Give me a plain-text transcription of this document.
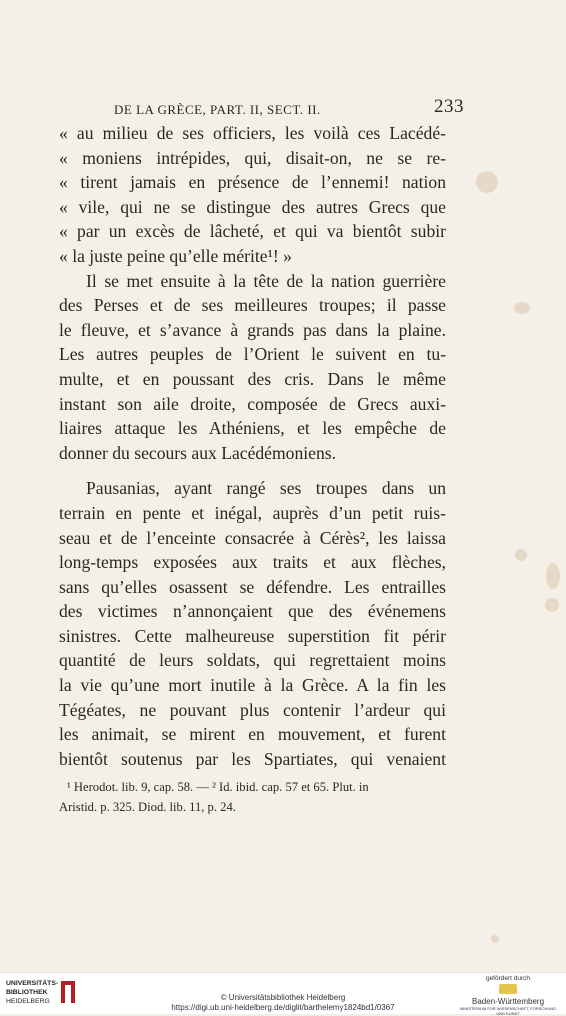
DE LA GRÈCE, PART. II, SECT. II.	233
« au milieu de ses officiers, les voilà ces Lacédé-
« moniens intrépides, qui, disait-on, ne se re-
« tirent jamais en présence de l’ennemi! nation
« vile, qui ne se distingue des autres Grecs que
« par un excès de lâcheté, et qui va bientôt subir
« la juste peine qu’elle mérite¹! »
Il se met ensuite à la tête de la nation guerrière
des Perses et de ses meilleures troupes; il passe
le fleuve, et s’avance à grands pas dans la plaine.
Les autres peuples de l’Orient le suivent en tu-
multe, et en poussant des cris. Dans le même
instant son aile droite, composée de Grecs auxi-
liaires attaque les Athéniens, et les empêche de
donner du secours aux Lacédémoniens.
Pausanias, ayant rangé ses troupes dans un
terrain en pente et inégal, auprès d’un petit ruis-
seau et de l’enceinte consacrée à Cérès², les laissa
long-temps exposées aux traits et aux flèches,
sans qu’elles osassent se défendre. Les entrailles
des victimes n’annonçaient que des événemens
sinistres. Cette malheureuse superstition fit périr
quantité de leurs soldats, qui regrettaient moins
la vie qu’une mort inutile à la Grèce. A la fin les
Tégéates, ne pouvant plus contenir l’ardeur qui
les animait, se mirent en mouvement, et furent
bientôt soutenus par les Spartiates, qui venaient
¹ Herodot. lib. 9, cap. 58. — ² Id. ibid. cap. 57 et 65. Plut. in
Aristid. p. 325. Diod. lib. 11, p. 24.
UNIVERSITÄTS-
BIBLIOTHEK
HEIDELBERG	© Universitätsbibliothek Heidelberg
https://digi.ub.uni-heidelberg.de/diglit/barthelemy1824bd1/0367
gefördert durch
Baden-Württemberg
MINISTERIUM FÜR WISSENSCHAFT, FORSCHUNG UND KUNST
